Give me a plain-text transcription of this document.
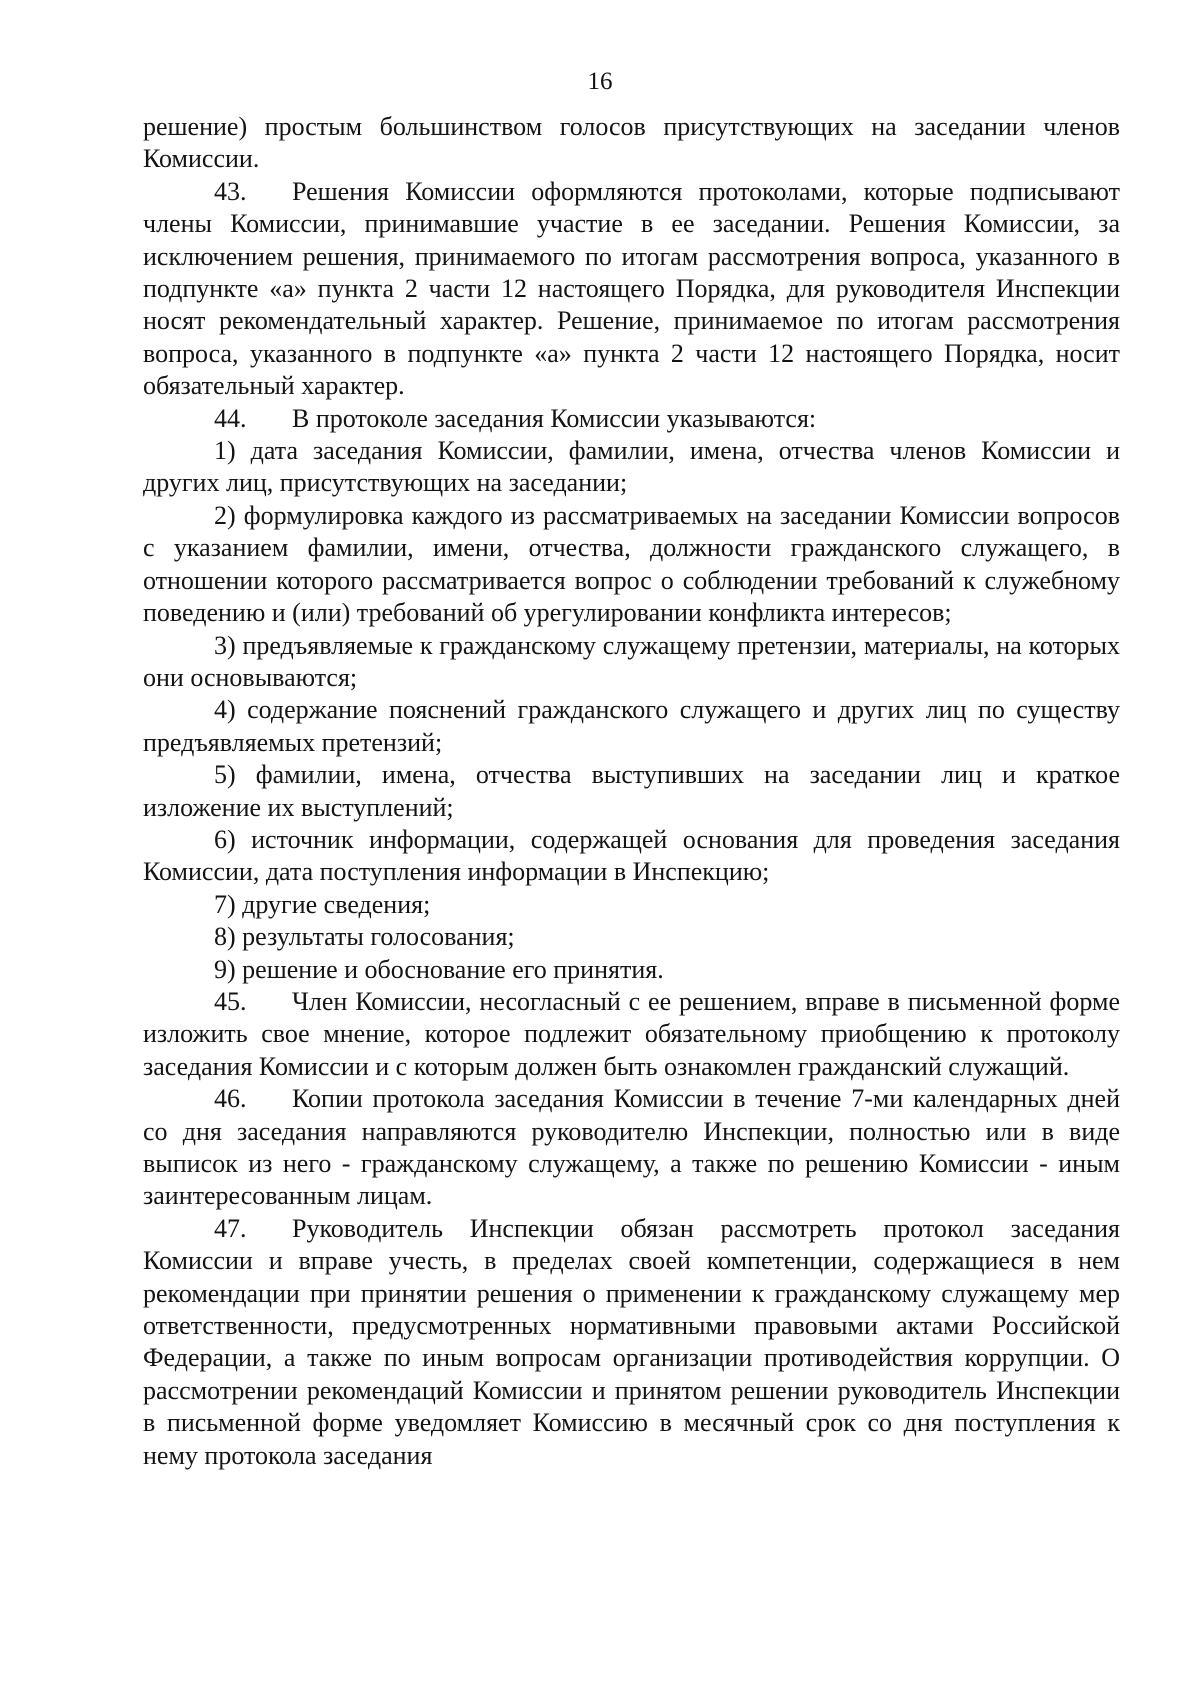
16

решение) простым большинством голосов присутствующих на заседании членов Комиссии.

43. Решения Комиссии оформляются протоколами, которые подписывают члены Комиссии, принимавшие участие в ее заседании. Решения Комиссии, за исключением решения, принимаемого по итогам рассмотрения вопроса, указанного в подпункте «а» пункта 2 части 12 настоящего Порядка, для руководителя Инспекции носят рекомендательный характер. Решение, принимаемое по итогам рассмотрения вопроса, указанного в подпункте «а» пункта 2 части 12 настоящего Порядка, носит обязательный характер.

44. В протоколе заседания Комиссии указываются:

1) дата заседания Комиссии, фамилии, имена, отчества членов Комиссии и других лиц, присутствующих на заседании;

2) формулировка каждого из рассматриваемых на заседании Комиссии вопросов с указанием фамилии, имени, отчества, должности гражданского служащего, в отношении которого рассматривается вопрос о соблюдении требований к служебному поведению и (или) требований об урегулировании конфликта интересов;

3) предъявляемые к гражданскому служащему претензии, материалы, на которых они основываются;

4) содержание пояснений гражданского служащего и других лиц по существу предъявляемых претензий;

5) фамилии, имена, отчества выступивших на заседании лиц и краткое изложение их выступлений;

6) источник информации, содержащей основания для проведения заседания Комиссии, дата поступления информации в Инспекцию;

7) другие сведения;

8) результаты голосования;

9) решение и обоснование его принятия.

45. Член Комиссии, несогласный с ее решением, вправе в письменной форме изложить свое мнение, которое подлежит обязательному приобщению к протоколу заседания Комиссии и с которым должен быть ознакомлен гражданский служащий.

46. Копии протокола заседания Комиссии в течение 7-ми календарных дней со дня заседания направляются руководителю Инспекции, полностью или в виде выписок из него - гражданскому служащему, а также по решению Комиссии - иным заинтересованным лицам.

47. Руководитель Инспекции обязан рассмотреть протокол заседания Комиссии и вправе учесть, в пределах своей компетенции, содержащиеся в нем рекомендации при принятии решения о применении к гражданскому служащему мер ответственности, предусмотренных нормативными правовыми актами Российской Федерации, а также по иным вопросам организации противодействия коррупции. О рассмотрении рекомендаций Комиссии и принятом решении руководитель Инспекции в письменной форме уведомляет Комиссию в месячный срок со дня поступления к нему протокола заседания
